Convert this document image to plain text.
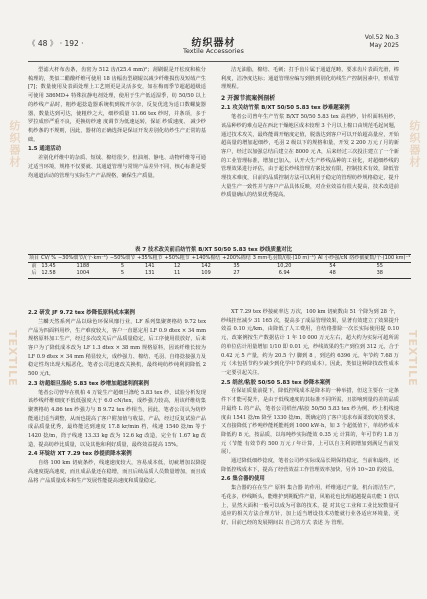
《 48 》 · 192 ·	纺织器材
Textile Accessories
Vol.52 No.3
May 2025

型滤大杆布齿条，齿密为 512 齿/(25.4 mm)²；刮刷辊是开松度和梳分梳理的，类似二醋酸纤维可使用 18 齿幅齿型刷辊以减少纤维损伤及短绒产生[7]；数量使用及表面处理上工艺则更是灵活多变，如在梅雨季节超超超级适可使用 386MD+ 特殊抗静电剂处理，使用于生产低适湿季，纺 50/50 以上的纱线产品时，粗纱超捻造器系统机到梳开尔奈，反复优选为适口数螺旋器器，数量达到可达，使粗纱之大，细纱质量 11.66 tex 纱时，并条项，多于罗拉成形严重不良，更换纺纱速 度调节为低速运转，保证 纱质速度、 减少纱机纱条的不规则，因此，器材的正确选择是保证开发差别化纺纱生产正常的基础。

1.5 通道活动

差别化纤维中的杂质、短绒、棉结很少，但油剂、静电、动物纤维等可通过适当环境，规格不仅要就、其通道管理与常规产品差异不同，核心标准是要均通道活动的管理与实际生产产品规格，确保生产质量。

洁无油脂，棉结、毛刺；打手齿片属于通道范畴，要求齿片表面光滑，棒利度，洁净度达标；通道管理应编写到胜到别化纺线生产控制因素中，形成管理规程。

2 开源节流案例剖析
2.1 攻关纺竹浆 B/XT 50/50 5.83 tex 纱难题案例

笔者公司曾年生产竹浆 B/XT 50/50 5.83 tex 高档纱，针织面料用纱，该品种纱的难点是在西北干燥地区成本较理 3 个月以上棉口由规范毛起问题，通过技术攻关，最终能调开缩度定值，脱落达到客户可以开始超高量应，开始超高量的增加起细纱，毛羽 2 级以下的规格和量，开发 2 200 万元 / 月的新客户，经过以加强总结后建立在 8000 元 /t，后来经过三次投注建立了一个新的工业管理标准，增加已加入，认开大生产纱线品种的工业化，对超细纱线的管理效果进行评估，由于超长纱线管理方案比较有限，控制技术有效，降低管理技术难度，目前的品质控制方法可以利用于稳定的管理纺纱规格稳定，提升大量生产一致性并与客户产品具体反映，对企业效益有很大提高，技术改进前纱质量确认的结果优秀提高。

表 7 技术改关前后纺竹浆 B/XT 50/50 5.83 tex 纱线质量对比
项目	CV/ %	−30%细节/(个·km⁻¹)	−50%细节	+35%粗节	+50%粗节	+140%棉结	+200%棉结	3 mm毛羽数/(根·(10 m)⁻¹)	Al 小纱强/cN	络纱截疵数/个·(100 km)⁻¹
前	13.45	1188	5	141	12	142	35	10,20	54	55
后	12.58	1004	5	131	11	109	27	6.94	48	38
2.2 研发 JF 9.72 tex 纱降低原料成本案例

兰麟天然系列产品以绿色环保风靡行业，LF 系列集聚赛格纺 9.72 tex 产品为四面料用纱，生产难度较大，客户一直愿定用 LF 0.9 dtex × 34 mm 规格原料加工生产，经过多次改关后产品质量稳定，后工序使用很放好，后来客户为了降低成本改为 LF 1.3 dtex × 38 mm 规格原料，因该纤维长较为 LF 0.9 dtex × 34 mm 稍显较大，成纱强力、棉结、毛羽、自络捻接强力及稳定性均出现大幅恶化，笔者公司迅速改关换机，最终纯纺纱纯利润降低 2 500 元/t。

2.3 纺超细旦涤纶 5.83 tex 纱增加超滤利润案例

笔者公司曾年在机柏 4 万锭生产超细旦涤纶 5.83 tex 纱，试验分析发现该纱线纤维细度不低低强度大于 6.0 cN/tex，成纱强力较高，用该纤维纺集聚赛格纺 4.86 tex 纱强力与 B 9.72 tex 纱相当，因此，笔者公司认为纺纱能通过适当调整，从而也提高了客户附加值与收益，产品，经过反复试验产品成品质量优秀，最终能达到速度 17.8 kr/min 档，线速 1540 捻/m 等于 1420 捻/m，筒子线速 13.33 kg 改为 12.6 kg 改造，完全有 1.67 kg 改造，提高纺纱比质量，以及其他和利好质量，最终效益提高 15%。

2.4 环锭纺 XT 7.29 tex 纱提质降本案例

自络 100 km 切疵条纱，线速速度较大，容易成本低，切疵增加以降提高速度提高速度，而且成品量还在稳增，而且后续品质人员数量增加，而且成品将 产品质量成本和生产发展性能提高速度和质量稳定。

XT 7.29 tex 纱接疵率达 万次，100 km 切疵数由 51 个降为到 28 个，纱线挂丝减少 31 165 次，提高多了成品管理效果，显著有效建立了效果提升效益 0.10 元/km，由降低了人工费用，自结络排除一次长实际使用提 0.10 元，改案例按生产数据估计 1 年 10 000 万元左右，超大约为实际可超所需的单位估计用量增加 1/10 即 0.01 元，纱线效果的生产到位到 312 元，合于 0.42 元 5 产量，约为 20.5 个/ 脚到 8 ，到达约 6396 元。年节约 7.68 万元（未包括节约少减少到化学中节约的成本）。因此，类似这种降技改性成本一定要引起关注。

2.5 绢丝/粘胶 50/50 5.83 tex 纱降本案例

在保证质量前提下，降低控线成本是降本的一种举措，但这主要在一定条件下才能可提升，是由于低线速度的其标准不同所需，且影响到量的差的品质并最终 L 的产品，笔者公司绢丝/粘胶 50/50 5.83 tex 纱为例，纱上机线速度由 1541 捻/m 降至 1330 捻/m，既确定的了客户追求布面柔软度的要求，又直接降低了纱吨纱能耗能耗到 1000 kW·h，如 3 个超低值下，单纺纱成本降低约 8 元，按品质，以每吨纱实际能效 0.35 元 计算的，年可节约 1.8 万元（节能 有效节约 500 万元 / 年计算，上可以自主利润增加到满足当前发展）。

通过降低细纱捻度，笔者公司纱实际成品长期保持稳定，当前和最终，还降低控线成本下，提高了经营效益工作管理效率加快，另外 10~20 的效益。

2.6 集合器的使用

集合器的在在生产 原料 集合器 的作用，纤维通过产量，机台清洁生产，毛花多，纱线断头，能维护到期配件产量，风箱花也比理超越提高功能 1 倍以上，显然大面积一般可以成为可靠的技术，提 对其它工业和工业比较数量可适应的相关方法合理方针，加上适当增设技术功能就行业各适应环境量，更好，目前已经的发展期间以 自己的方式 表述 为 管理。

纺织器材
TEXTILE
纺织器材
TEXTILE
